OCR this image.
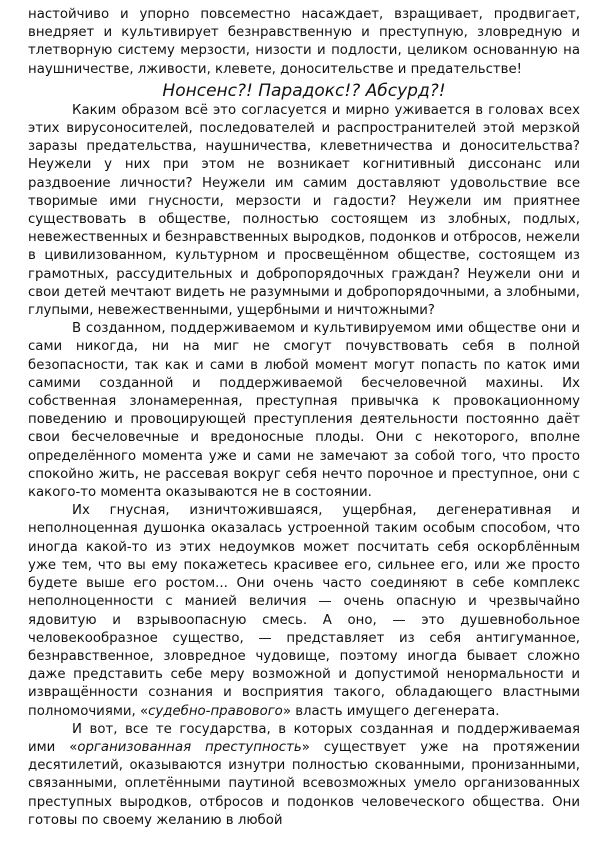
настойчиво и упорно повсеместно насаждает, взращивает, продвигает, внедряет и культивирует безнравственную и преступную, зловредную и тлетворную систему мерзости, низости и подлости, целиком основанную на наушничестве, лживости, клевете, доносительстве и предательстве!

Нонсенс?! Парадокс!? Абсурд?!

Каким образом всё это согласуется и мирно уживается в головах всех этих вирусоносителей, последователей и распространителей этой мерзкой заразы предательства, наушничества, клеветничества и доносительства? Неужели у них при этом не возникает когнитивный диссонанс или раздвоение личности? Неужели им самим доставляют удовольствие все творимые ими гнусности, мерзости и гадости? Неужели им приятнее существовать в обществе, полностью состоящем из злобных, подлых, невежественных и безнравственных выродков, подонков и отбросов, нежели в цивилизованном, культурном и просвещённом обществе, состоящем из грамотных, рассудительных и добропорядочных граждан? Неужели они и свои детей мечтают видеть не разумными и добропорядочными, а злобными, глупыми, невежественными, ущербными и ничтожными?

В созданном, поддерживаемом и культивируемом ими обществе они и сами никогда, ни на миг не смогут почувствовать себя в полной безопасности, так как и сами в любой момент могут попасть по каток ими самими созданной и поддерживаемой бесчеловечной махины. Их собственная злонамеренная, преступная привычка к провокационному поведению и провоцирующей преступления деятельности постоянно даёт свои бесчеловечные и вредоносные плоды. Они с некоторого, вполне определённого момента уже и сами не замечают за собой того, что просто спокойно жить, не рассевая вокруг себя нечто порочное и преступное, они с какого-то момента оказываются не в состоянии.

Их гнусная, изничтожившаяся, ущербная, дегенеративная и неполноценная душонка оказалась устроенной таким особым способом, что иногда какой-то из этих недоумков может посчитать себя оскорблённым уже тем, что вы ему покажетесь красивее его, сильнее его, или же просто будете выше его ростом... Они очень часто соединяют в себе комплекс неполноценности с манией величия — очень опасную и чрезвычайно ядовитую и взрывоопасную смесь. А оно, — это душевнобольное человекообразное существо, — представляет из себя антигуманное, безнравственное, зловредное чудовище, поэтому иногда бывает сложно даже представить себе меру возможной и допустимой ненормальности и извращённости сознания и восприятия такого, обладающего властными полномочиями, «судебно-правового» власть имущего дегенерата.

И вот, все те государства, в которых созданная и поддерживаемая ими «организованная преступность» существует уже на протяжении десятилетий, оказываются изнутри полностью скованными, пронизанными, связанными, оплетёнными паутиной всевозможных умело организованных преступных выродков, отбросов и подонков человеческого общества. Они готовы по своему желанию в любой
